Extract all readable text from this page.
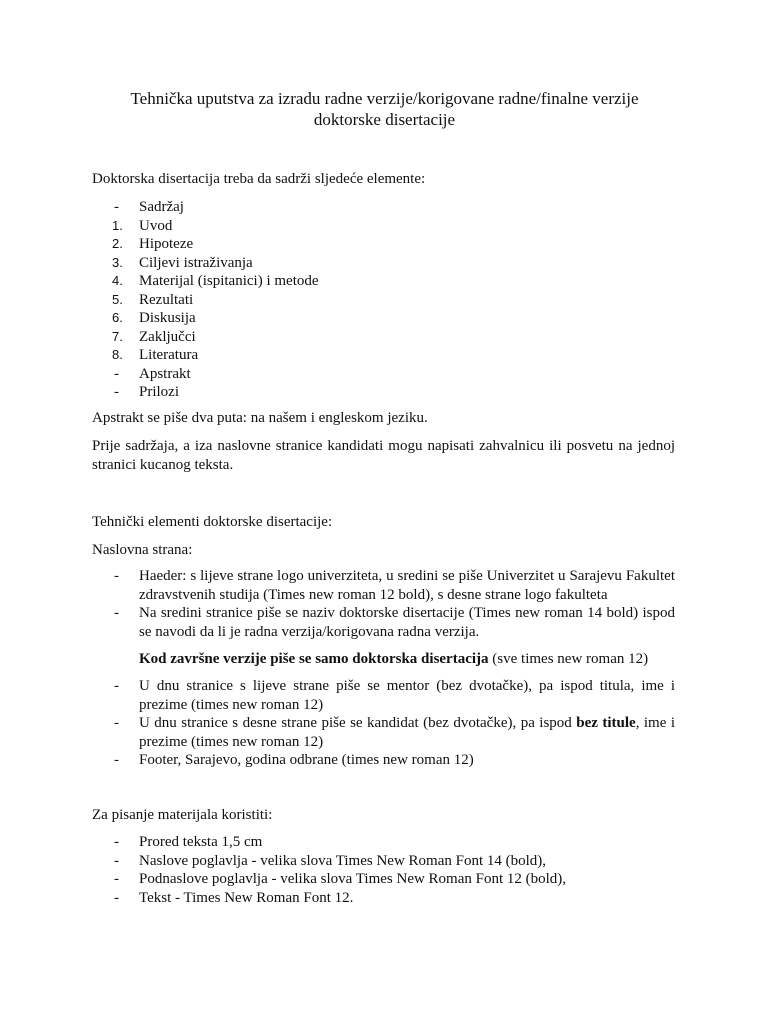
Tehnička uputstva za izradu radne verzije/korigovane radne/finalne verzije
doktorske disertacije
Doktorska disertacija treba da sadrži sljedeće elemente:
- Sadržaj
1. Uvod
2. Hipoteze
3. Ciljevi istraživanja
4. Materijal (ispitanici) i metode
5. Rezultati
6. Diskusija
7. Zaključci
8. Literatura
- Apstrakt
- Prilozi
Apstrakt se piše dva puta: na našem i engleskom jeziku.
Prije sadržaja, a iza naslovne stranice kandidati mogu napisati zahvalnicu ili posvetu na jednoj stranici kucanog teksta.
Tehnički elementi doktorske disertacije:
Naslovna strana:
- Haeder: s lijeve strane logo univerziteta, u sredini se piše Univerzitet u Sarajevu Fakultet zdravstvenih studija (Times new roman 12 bold), s desne strane logo fakulteta
- Na sredini stranice piše se naziv doktorske disertacije (Times new roman 14 bold) ispod se navodi da li je radna verzija/korigovana radna verzija.
Kod završne verzije piše se samo doktorska disertacija (sve times new roman 12)
- U dnu stranice s lijeve strane piše se mentor (bez dvotačke), pa ispod titula, ime i prezime (times new roman 12)
- U dnu stranice s desne strane piše se kandidat (bez dvotačke), pa ispod bez titule, ime i prezime (times new roman 12)
- Footer, Sarajevo, godina odbrane (times new roman 12)
Za pisanje materijala koristiti:
- Prored teksta 1,5 cm
- Naslove poglavlja - velika slova Times New Roman Font 14 (bold),
- Podnaslove poglavlja - velika slova Times New Roman Font 12 (bold),
- Tekst - Times New Roman Font 12.
